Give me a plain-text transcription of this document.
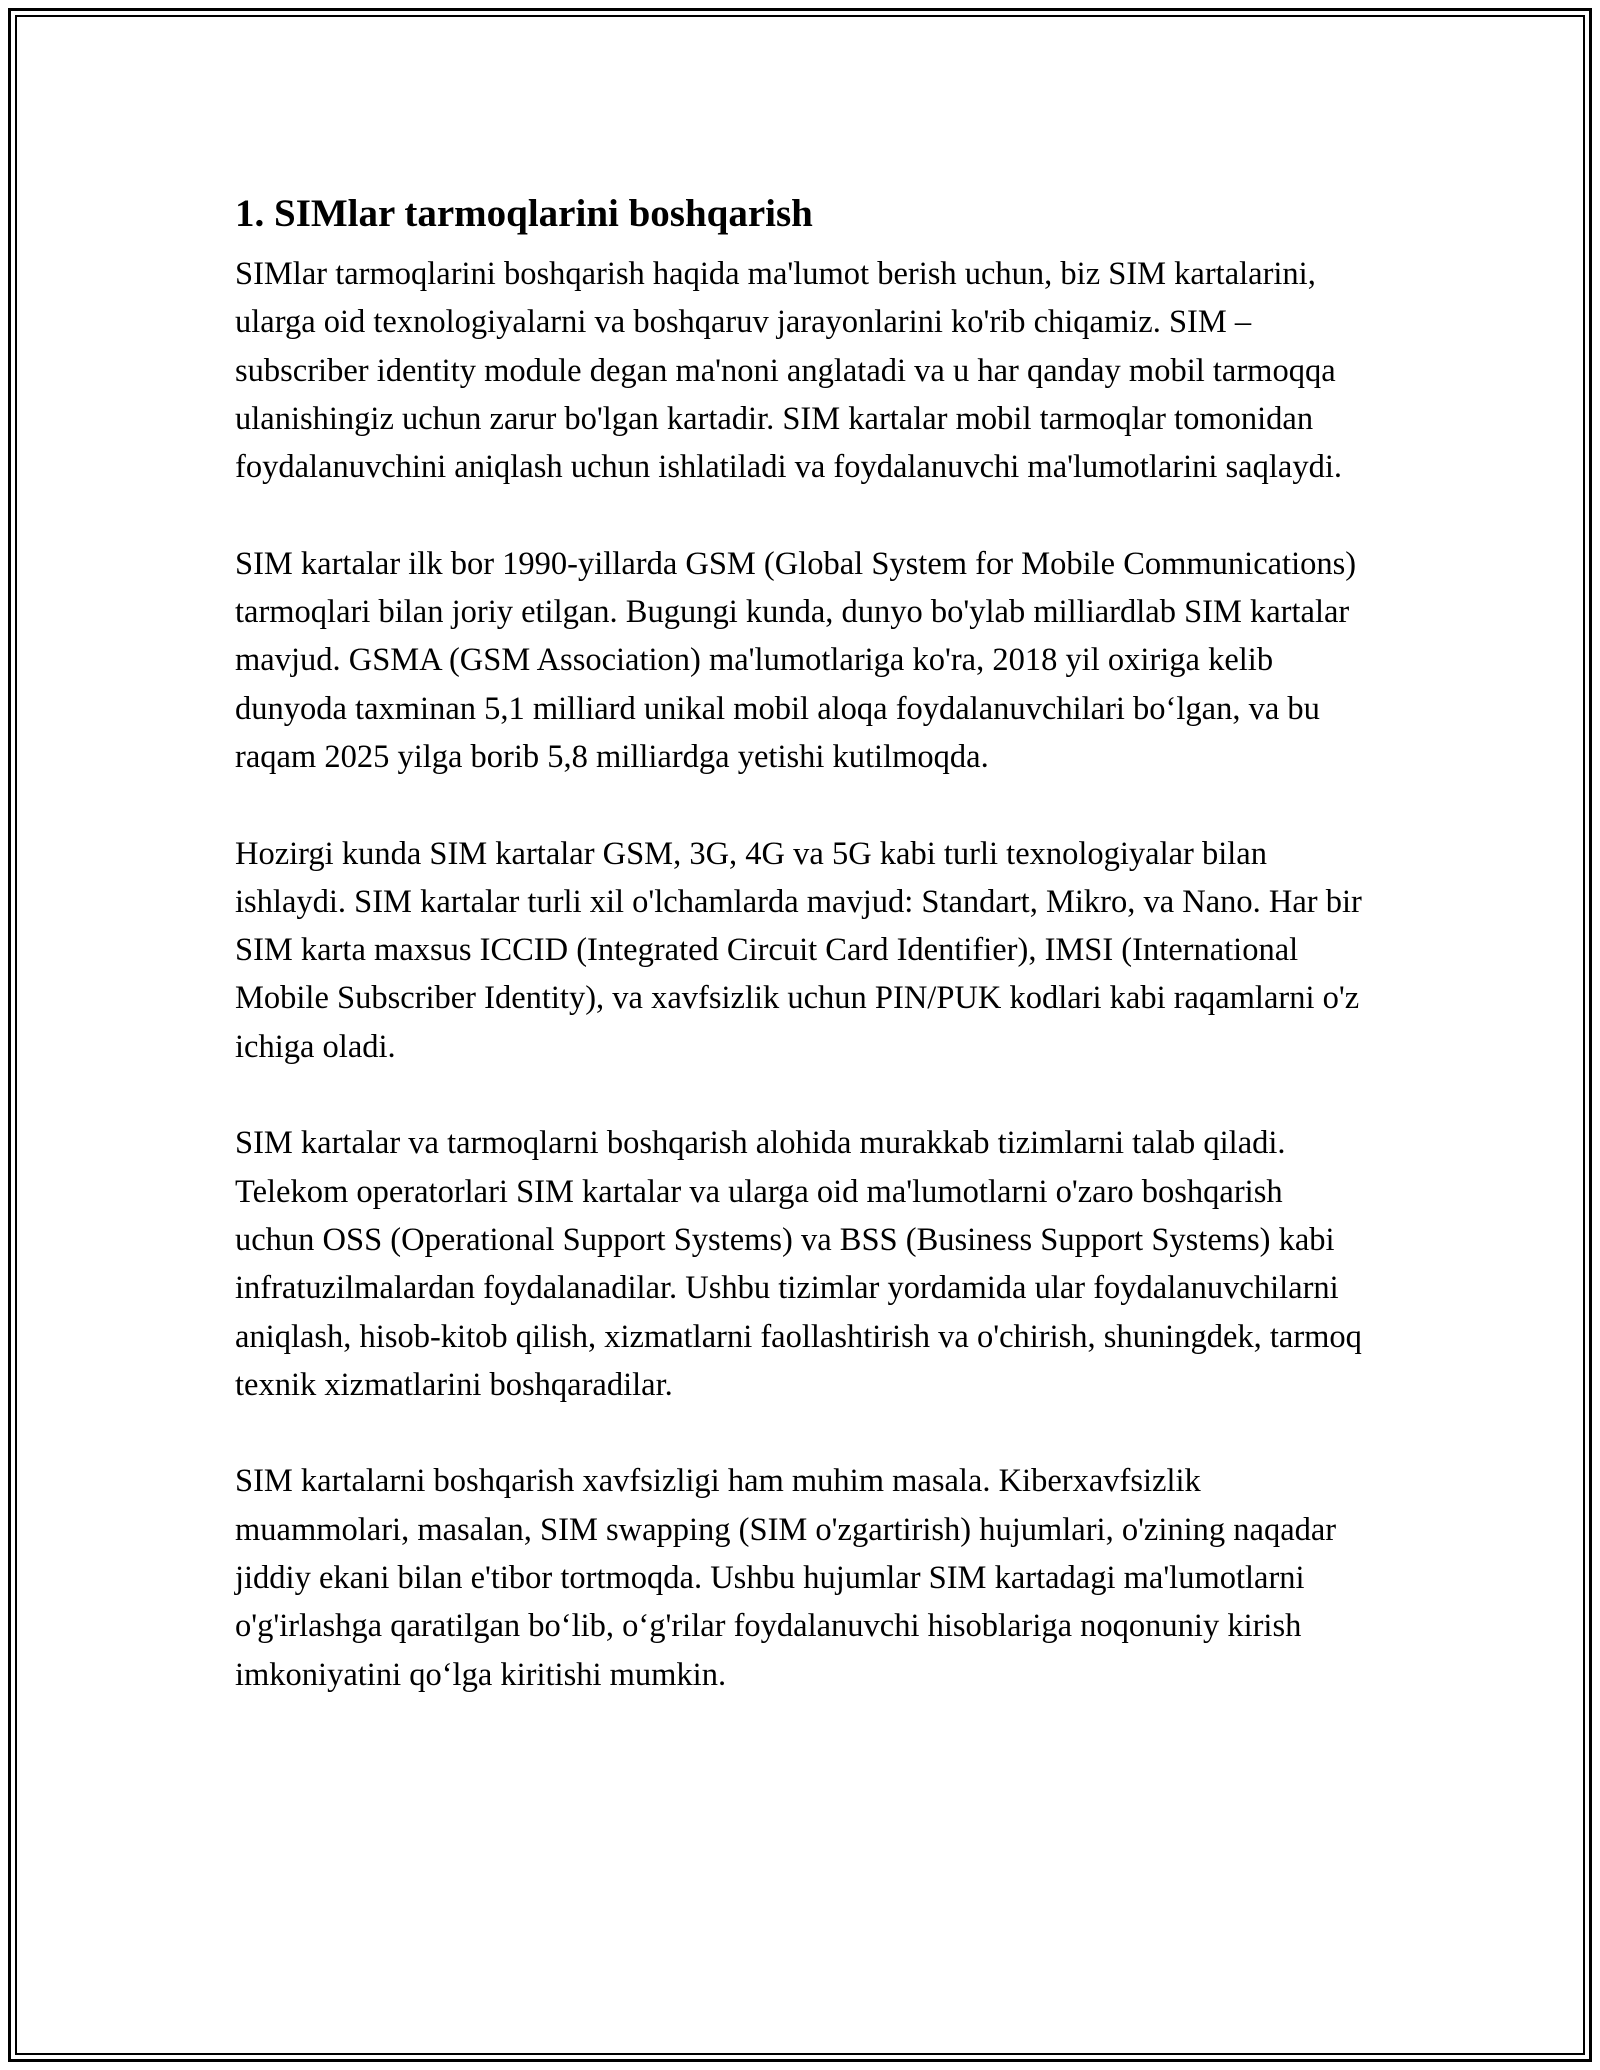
1. SIMlar tarmoqlarini boshqarish

SIMlar tarmoqlarini boshqarish haqida ma'lumot berish uchun, biz SIM kartalarini, ularga oid texnologiyalarni va boshqaruv jarayonlarini ko'rib chiqamiz. SIM – subscriber identity module degan ma'noni anglatadi va u har qanday mobil tarmoqqa ulanishingiz uchun zarur bo'lgan kartadir. SIM kartalar mobil tarmoqlar tomonidan foydalanuvchini aniqlash uchun ishlatiladi va foydalanuvchi ma'lumotlarini saqlaydi.

SIM kartalar ilk bor 1990-yillarda GSM (Global System for Mobile Communications) tarmoqlari bilan joriy etilgan. Bugungi kunda, dunyo bo'ylab milliardlab SIM kartalar mavjud. GSMA (GSM Association) ma'lumotlariga ko'ra, 2018 yil oxiriga kelib dunyoda taxminan 5,1 milliard unikal mobil aloqa foydalanuvchilari bo‘lgan, va bu raqam 2025 yilga borib 5,8 milliardga yetishi kutilmoqda.

Hozirgi kunda SIM kartalar GSM, 3G, 4G va 5G kabi turli texnologiyalar bilan ishlaydi. SIM kartalar turli xil o'lchamlarda mavjud: Standart, Mikro, va Nano. Har bir SIM karta maxsus ICCID (Integrated Circuit Card Identifier), IMSI (International Mobile Subscriber Identity), va xavfsizlik uchun PIN/PUK kodlari kabi raqamlarni o'z ichiga oladi.

SIM kartalar va tarmoqlarni boshqarish alohida murakkab tizimlarni talab qiladi. Telekom operatorlari SIM kartalar va ularga oid ma'lumotlarni o'zaro boshqarish uchun OSS (Operational Support Systems) va BSS (Business Support Systems) kabi infratuzilmalardan foydalanadilar. Ushbu tizimlar yordamida ular foydalanuvchilarni aniqlash, hisob-kitob qilish, xizmatlarni faollashtirish va o'chirish, shuningdek, tarmoq texnik xizmatlarini boshqaradilar.

SIM kartalarni boshqarish xavfsizligi ham muhim masala. Kiberxavfsizlik muammolari, masalan, SIM swapping (SIM o'zgartirish) hujumlari, o'zining naqadar jiddiy ekani bilan e'tibor tortmoqda. Ushbu hujumlar SIM kartadagi ma'lumotlarni o'g'irlashga qaratilgan bo‘lib, o‘g'rilar foydalanuvchi hisoblariga noqonuniy kirish imkoniyatini qo‘lga kiritishi mumkin.
